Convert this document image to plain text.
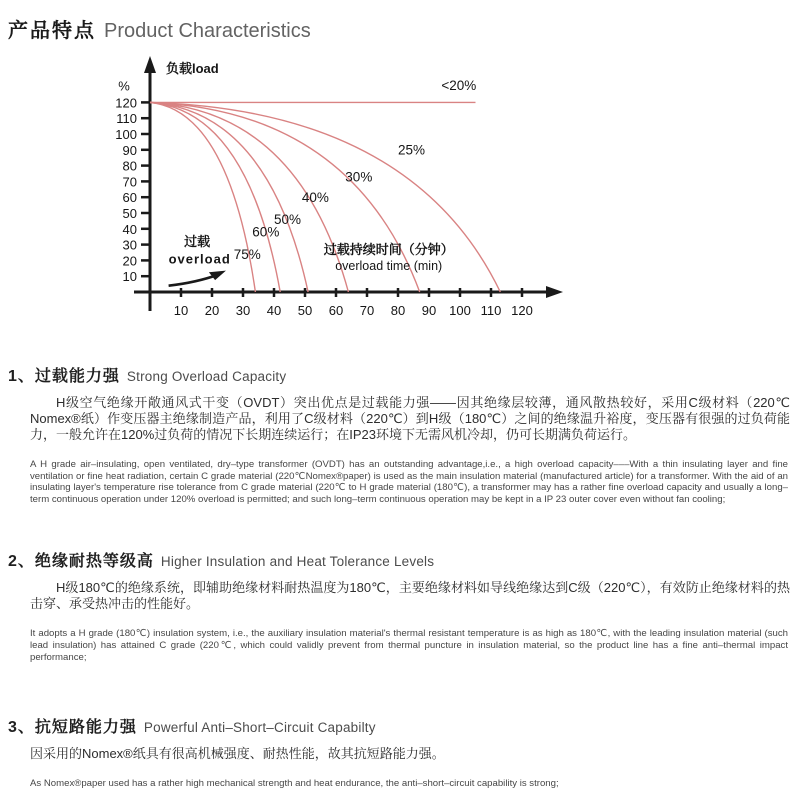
产品特点 Product Characteristics
120
110
100
90
80
70
60
50
40
30
20
10
10 20 30 40 50 60 70 80 90 100 110 120
%
负载load
<20%
25%
30%
40%
50%
60%
75%	过载持续时间（分钟）
overload time (min)
过载
overload
1、过载能力强 Strong Overload Capacity

H级空气绝缘开敞通风式干变（OVDT）突出优点是过载能力强——因其绝缘层较薄，通风散热较好，采用C级材料（220℃ Nomex®纸）作变压器主绝缘制造产品，利用了C级材料（220℃）到H级（180℃）之间的绝缘温升裕度，变压器有很强的过负荷能力，一般允许在120%过负荷的情况下长期连续运行；在IP23环境下无需风机冷却，仍可长期满负荷运行。

A H grade air–insulating, open ventilated, dry–type transformer (OVDT) has an outstanding advantage,i.e., a high overload capacity–––With a thin insulating layer and fine ventilation or fine heat radiation, certain C grade material (220℃Nomex®paper) is used as the main insulation material (manufactured article) for a transformer. With the aid of an insulating layer's temperature rise tolerance from C grade material (220℃ to H grade material (180℃), a transformer may has a rather fine overload capacity and usually a long–term continuous operation under 120% overload is permitted; and such long–term continuous operation may be kept in a IP 23 outer cover even without fan cooling;

2、绝缘耐热等级高 Higher Insulation and Heat Tolerance Levels

H级180℃的绝缘系统，即辅助绝缘材料耐热温度为180℃，主要绝缘材料如导线绝缘达到C级（220℃），有效防止绝缘材料的热击穿、承受热冲击的性能好。

It adopts a H grade (180℃) insulation system, i.e., the auxiliary insulation material's thermal resistant temperature is as high as 180℃, with the leading insulation material (such lead insulation) has attained C grade (220℃, which could validly prevent from thermal puncture in insulation material, so the product line has a fine anti–thermal impact performance;

3、抗短路能力强 Powerful Anti–Short–Circuit Capabilty

因采用的Nomex®纸具有很高机械强度、耐热性能，故其抗短路能力强。

As Nomex®paper used has a rather high mechanical strength and heat endurance, the anti–short–circuit capability is strong;
